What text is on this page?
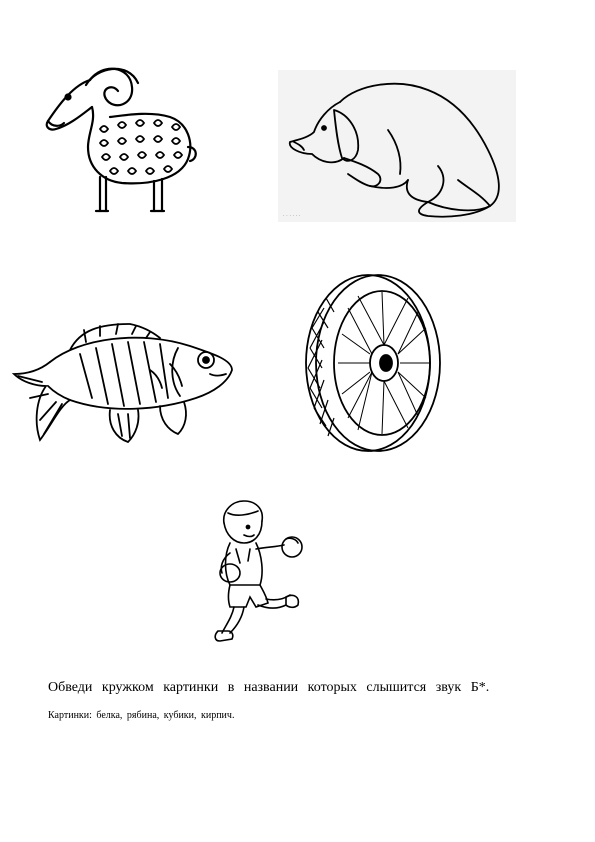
· · · · · ·
Обведи кружком картинки в названии которых слышится звук Б*.
Картинки: белка, рябина, кубики, кирпич.
